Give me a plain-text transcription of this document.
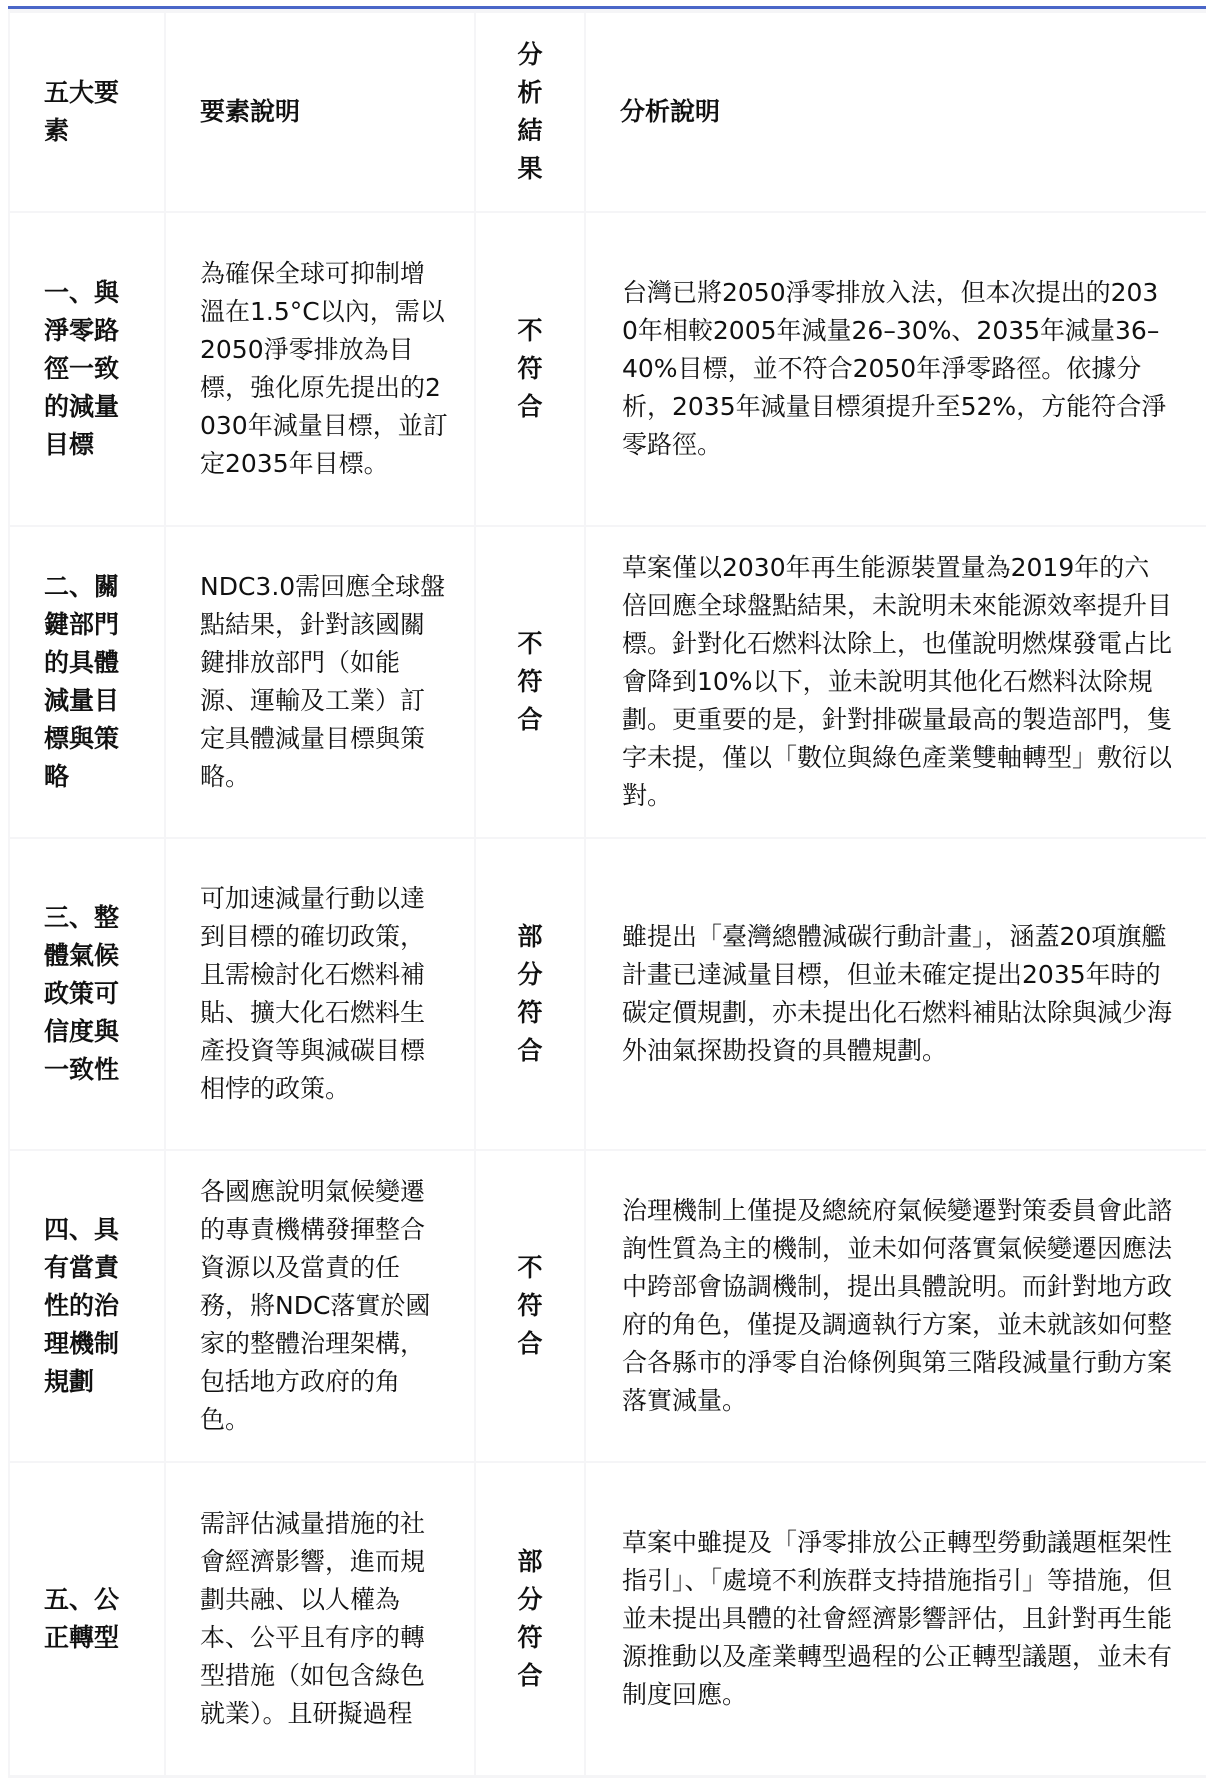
五大要素	要素說明	分
析
結
果	分析說明
一、與淨零路徑一致的減量目標	為確保全球可抑制增溫在1.5°C以內，需以2050淨零排放為目標，強化原先提出的2030年減量目標，並訂定2035年目標。	不
符
合	台灣已將2050淨零排放入法，但本次提出的2030年相較2005年減量26–30%、2035年減量36–40%目標，並不符合2050年淨零路徑。依據分析，2035年減量目標須提升至52%，方能符合淨零路徑。
二、關鍵部門的具體減量目標與策略	NDC3.0需回應全球盤點結果，針對該國關鍵排放部門（如能源、運輸及工業）訂定具體減量目標與策略。	不
符
合	草案僅以2030年再生能源裝置量為2019年的六倍回應全球盤點結果，未說明未來能源效率提升目標。針對化石燃料汰除上，也僅說明燃煤發電占比會降到10%以下，並未說明其他化石燃料汰除規劃。更重要的是，針對排碳量最高的製造部門，隻字未提，僅以「數位與綠色產業雙軸轉型」敷衍以對。
三、整體氣候政策可信度與一致性	可加速減量行動以達到目標的確切政策，且需檢討化石燃料補貼、擴大化石燃料生產投資等與減碳目標相悖的政策。	部
分
符
合	雖提出「臺灣總體減碳行動計畫」，涵蓋20項旗艦計畫已達減量目標，但並未確定提出2035年時的碳定價規劃，亦未提出化石燃料補貼汰除與減少海外油氣探勘投資的具體規劃。
四、具有當責性的治理機制規劃	各國應說明氣候變遷的專責機構發揮整合資源以及當責的任務，將NDC落實於國家的整體治理架構，包括地方政府的角色。	不
符
合	治理機制上僅提及總統府氣候變遷對策委員會此諮詢性質為主的機制，並未如何落實氣候變遷因應法中跨部會協調機制，提出具體說明。而針對地方政府的角色，僅提及調適執行方案，並未就該如何整合各縣市的淨零自治條例與第三階段減量行動方案落實減量。
五、公正轉型	需評估減量措施的社會經濟影響，進而規劃共融、以人權為本、公平且有序的轉型措施（如包含綠色就業）。且研擬過程	部
分
符
合	草案中雖提及「淨零排放公正轉型勞動議題框架性指引」、「處境不利族群支持措施指引」等措施，但並未提出具體的社會經濟影響評估，且針對再生能源推動以及產業轉型過程的公正轉型議題，並未有制度回應。
